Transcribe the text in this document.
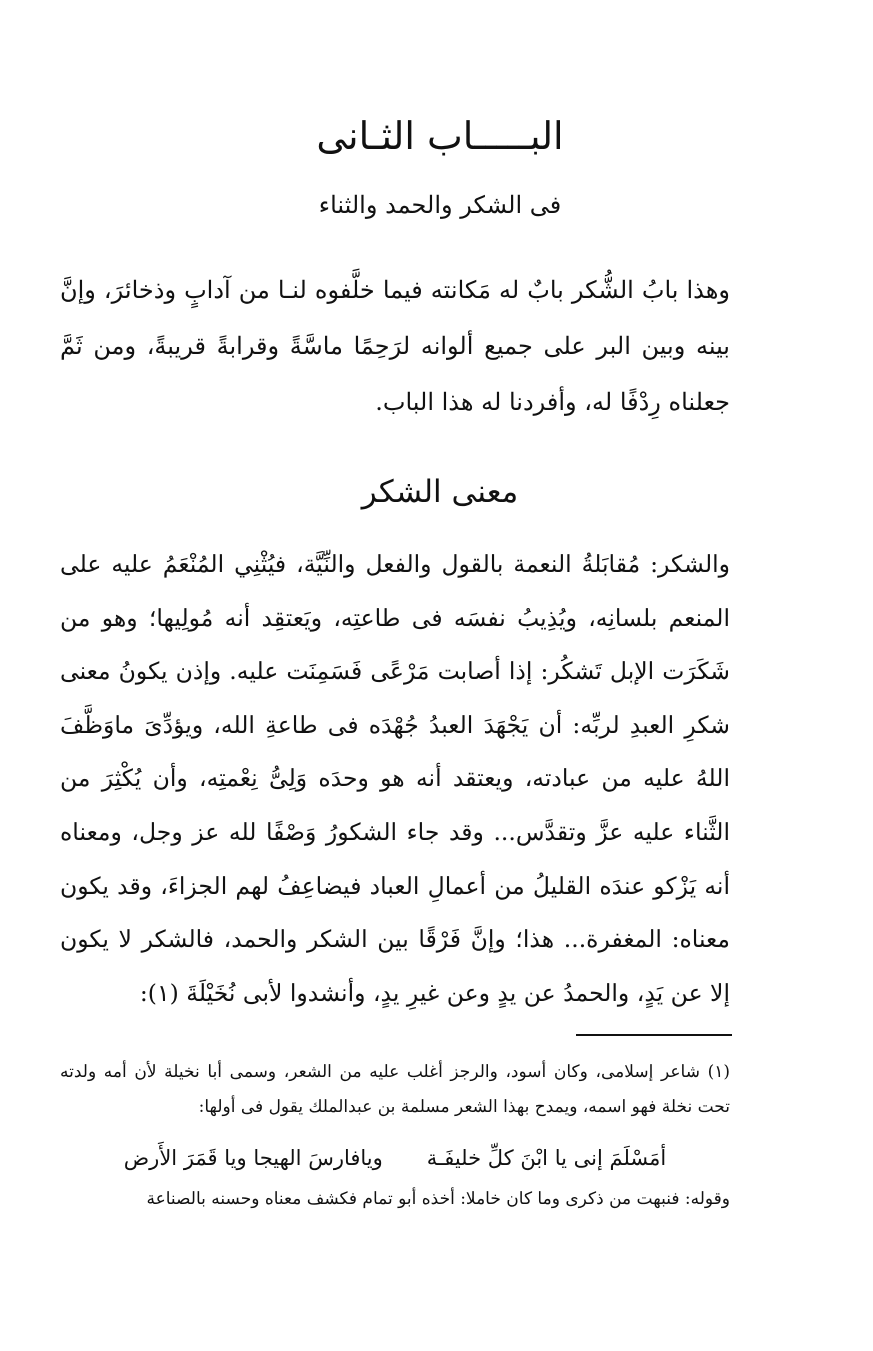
البـــــاب الثـانى
فى الشكر والحمد والثناء

وهذا بابُ الشُّكر بابٌ له مَكانته فيما خلَّفوه لنـا من آدابٍ وذخائرَ، وإنَّ بينه وبين البر على جميع ألوانه لرَحِمًا ماسَّةً وقرابةً قريبةً، ومن ثَمَّ جعلناه رِدْفًا له، وأفردنا له هذا الباب.

معنى الشكر

والشكر: مُقابَلةُ النعمة بالقول والفعل والنِّيَّة، فيُثْنِي المُنْعَمُ عليه على المنعم بلسانِه، ويُذِيبُ نفسَه فى طاعتِه، ويَعتقِد أنه مُولِيها؛ وهو من شَكَرَت الإبل تَشكُر: إذا أصابت مَرْعًى فَسَمِنَت عليه. وإذن يكونُ معنى شكرِ العبدِ لربِّه: أن يَجْهَدَ العبدُ جُهْدَه فى طاعةِ الله، ويؤدِّىَ ماوَظَّفَ اللهُ عليه من عبادته، ويعتقد أنه هو وحدَه وَلِىُّ نِعْمتِه، وأن يُكْثِرَ من الثَّناء عليه عزَّ وتقدَّس... وقد جاء الشكورُ وَصْفًا لله عز وجل، ومعناه أنه يَزْكو عندَه القليلُ من أعمالِ العباد فيضاعِفُ لهم الجزاءَ، وقد يكون معناه: المغفرة... هذا؛ وإنَّ فَرْقًا بين الشكر والحمد، فالشكر لا يكون إلا عن يَدٍ، والحمدُ عن يدٍ وعن غيرِ يدٍ، وأنشدوا لأبى نُخَيْلَةَ (١):

(١) شاعر إسلامى، وكان أسود، والرجز أغلب عليه من الشعر، وسمى أبا نخيلة لأن أمه ولدته تحت نخلة فهو اسمه، ويمدح بهذا الشعر مسلمة بن عبدالملك يقول فى أولها:

أمَسْلَمَ إنى يا ابْنَ كلِّ خليفَـة
ويافارسَ الهيجا ويا قَمَرَ الأَرض

وقوله: فنبهت من ذكرى وما كان خاملا: أخذه أبو تمام فكشف معناه وحسنه بالصناعة
